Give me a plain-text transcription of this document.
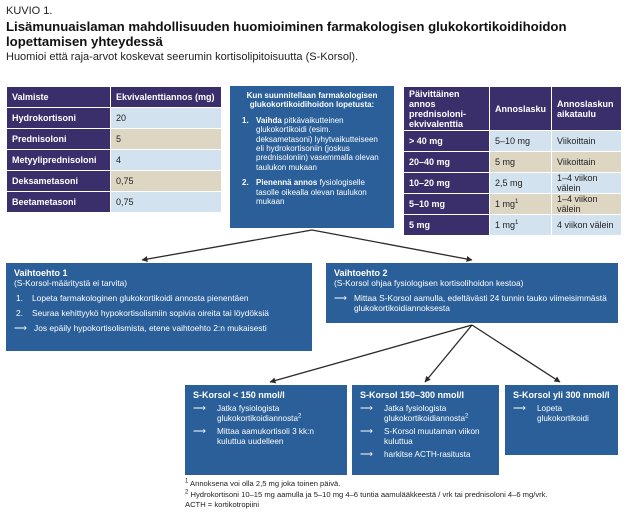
KUVIO 1.
Lisämunuaislaman mahdollisuuden huomioiminen farmakologisen glukokortikoidihoidon lopettamisen yhteydessä
Huomioi että raja-arvot koskevat seerumin kortisolipitoisuutta (S-Korsol).
Valmiste	Ekvivalenttiannos (mg)
Hydrokortisoni	20
Prednisoloni	5
Metyyliprednisoloni	4
Deksametasoni	0,75
Beetametasoni	0,75
Kun suunnitellaan farmakologisen glukokortikoidihoidon lopetusta:
1. Vaihda pitkävaikutteinen glukokortikoidi (esim. deksametasoni) lyhytvaikutteiseen eli hydrokortisoniin (joskus prednisoloniin) vasemmalla olevan taulukon mukaan
2. Pienennä annos fysiologiselle tasolle oikealla olevan taulukon mukaan
Päivittäinen annos prednisoloni-ekvivalenttia	Annoslasku	Annoslaskun aikataulu
> 40 mg	5–10 mg	Viikoittain
20–40 mg	5 mg	Viikoittain
10–20 mg	2,5 mg	1–4 viikon välein
5–10 mg	1 $mg^1$	1–4 viikon välein
5 mg	1 $mg^1$	4 viikon välein
Vaihtoehto 1
(S-Korsol-määritystä ei tarvita)
1.	Lopeta farmakologinen glukokortikoidi annosta pienentäen
2.	Seuraa kehittyykö hypokortisolismiin sopivia oireita tai löydöksiä
⟶ Jos epäily hypokortisolismista, etene vaihtoehto 2:n mukaisesti
Vaihtoehto 2
(S-Korsol ohjaa fysiologisen kortisolihoidon kestoa)
⟶ Mittaa S-Korsol aamulla, edeltävästi 24 tunnin tauko viimeisimmästä glukokortikoidiannoksesta
S-Korsol < 150 nmol/l
⟶	Jatka fysiologista glukokortikoidiannosta$^2$
⟶	Mittaa aamukortisoli 3 kk:n kuluttua uudelleen
S-Korsol 150–300 nmol/l
⟶	Jatka fysiologista glukokortikoidiannosta$^2$
⟶	S-Korsol muutaman viikon kuluttua
⟶	harkitse ACTH-rasitusta
S-Korsol yli 300 nmol/l
⟶	Lopeta glukokortikoidi
$^1$ Annoksena voi olla 2,5 mg joka toinen päivä.
$^2$ Hydrokortisoni 10–15 mg aamulla ja 5–10 mg 4–6 tuntia aamulääkkeestä / vrk tai prednisoloni 4–6 mg/vrk.
ACTH = kortikotropiini
